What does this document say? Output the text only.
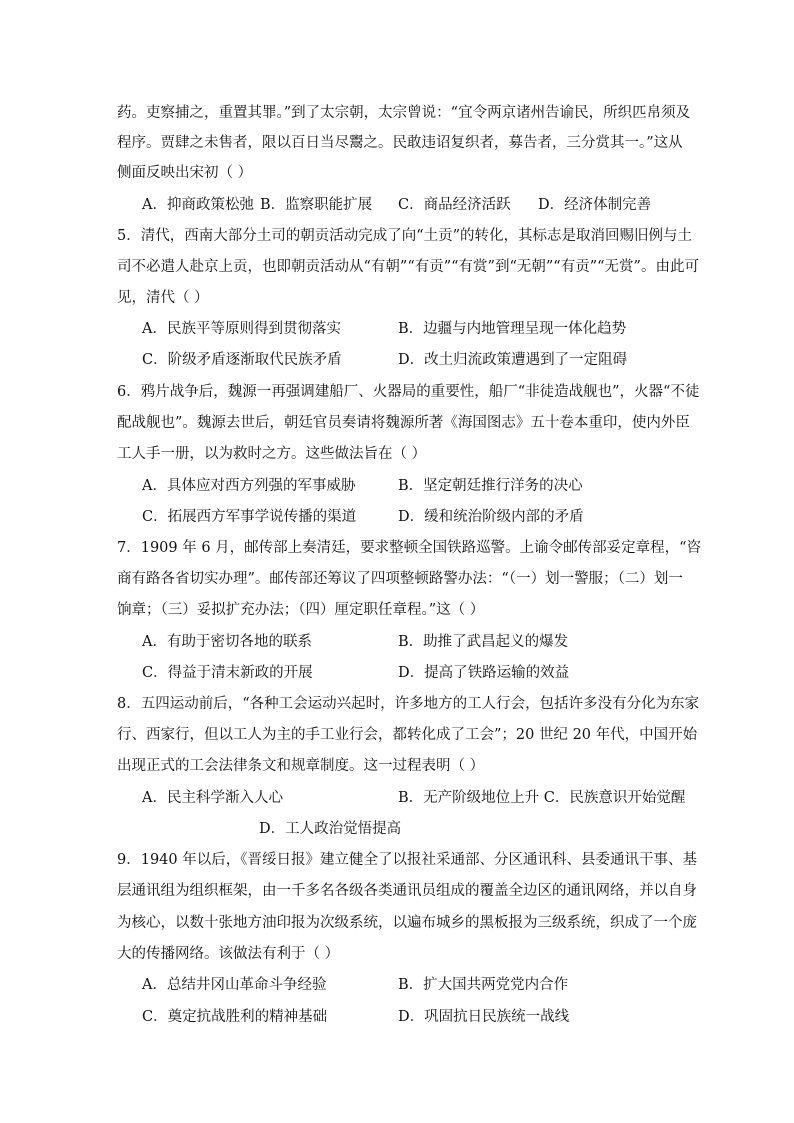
药。吏察捕之，重置其罪。”到了太宗朝，太宗曾说：“宜令两京诸州告谕民，所织匹帛须及
程序。贾肆之未售者，限以百日当尽鬻之。民敢违诏复织者，募告者，三分赏其一。”这从
侧面反映出宋初（ ）
A．抑商政策松弛 B．监察职能扩展 C．商品经济活跃 D．经济体制完善
5．清代，西南大部分土司的朝贡活动完成了向“土贡”的转化，其标志是取消回赐旧例与土
司不必遣人赴京上贡，也即朝贡活动从“有朝”“有贡”“有赏”到“无朝”“有贡”“无赏”。由此可
见，清代（ ）
A．民族平等原则得到贯彻落实	B．边疆与内地管理呈现一体化趋势
C．阶级矛盾逐渐取代民族矛盾	D．改土归流政策遭遇到了一定阻碍
6．鸦片战争后，魏源一再强调建船厂、火器局的重要性，船厂“非徒造战舰也”，火器“不徒
配战舰也”。魏源去世后，朝廷官员奏请将魏源所著《海国图志》五十卷本重印，使内外臣
工人手一册，以为救时之方。这些做法旨在（ ）
A．具体应对西方列强的军事威胁	B．坚定朝廷推行洋务的决心
C．拓展西方军事学说传播的渠道	D．缓和统治阶级内部的矛盾
7．1909 年 6 月，邮传部上奏清廷，要求整顿全国铁路巡警。上谕令邮传部妥定章程，“咨
商有路各省切实办理”。邮传部还筹议了四项整顿路警办法：“（一）划一警服；（二）划一
饷章；（三）妥拟扩充办法；（四）厘定职任章程。”这（ ）
A．有助于密切各地的联系	B．助推了武昌起义的爆发
C．得益于清末新政的开展	D．提高了铁路运输的效益
8．五四运动前后，“各种工会运动兴起时，许多地方的工人行会，包括许多没有分化为东家
行、西家行，但以工人为主的手工业行会，都转化成了工会”；20 世纪 20 年代，中国开始
出现正式的工会法律条文和规章制度。这一过程表明（ ）
A．民主科学渐入人心	B．无产阶级地位上升 C．民族意识开始觉醒
D．工人政治觉悟提高
9．1940 年以后，《晋绥日报》建立健全了以报社采通部、分区通讯科、县委通讯干事、基
层通讯组为组织框架，由一千多名各级各类通讯员组成的覆盖全边区的通讯网络，并以自身
为核心，以数十张地方油印报为次级系统，以遍布城乡的黑板报为三级系统，织成了一个庞
大的传播网络。该做法有利于（ ）
A．总结井冈山革命斗争经验	B．扩大国共两党党内合作
C．奠定抗战胜利的精神基础	D．巩固抗日民族统一战线
